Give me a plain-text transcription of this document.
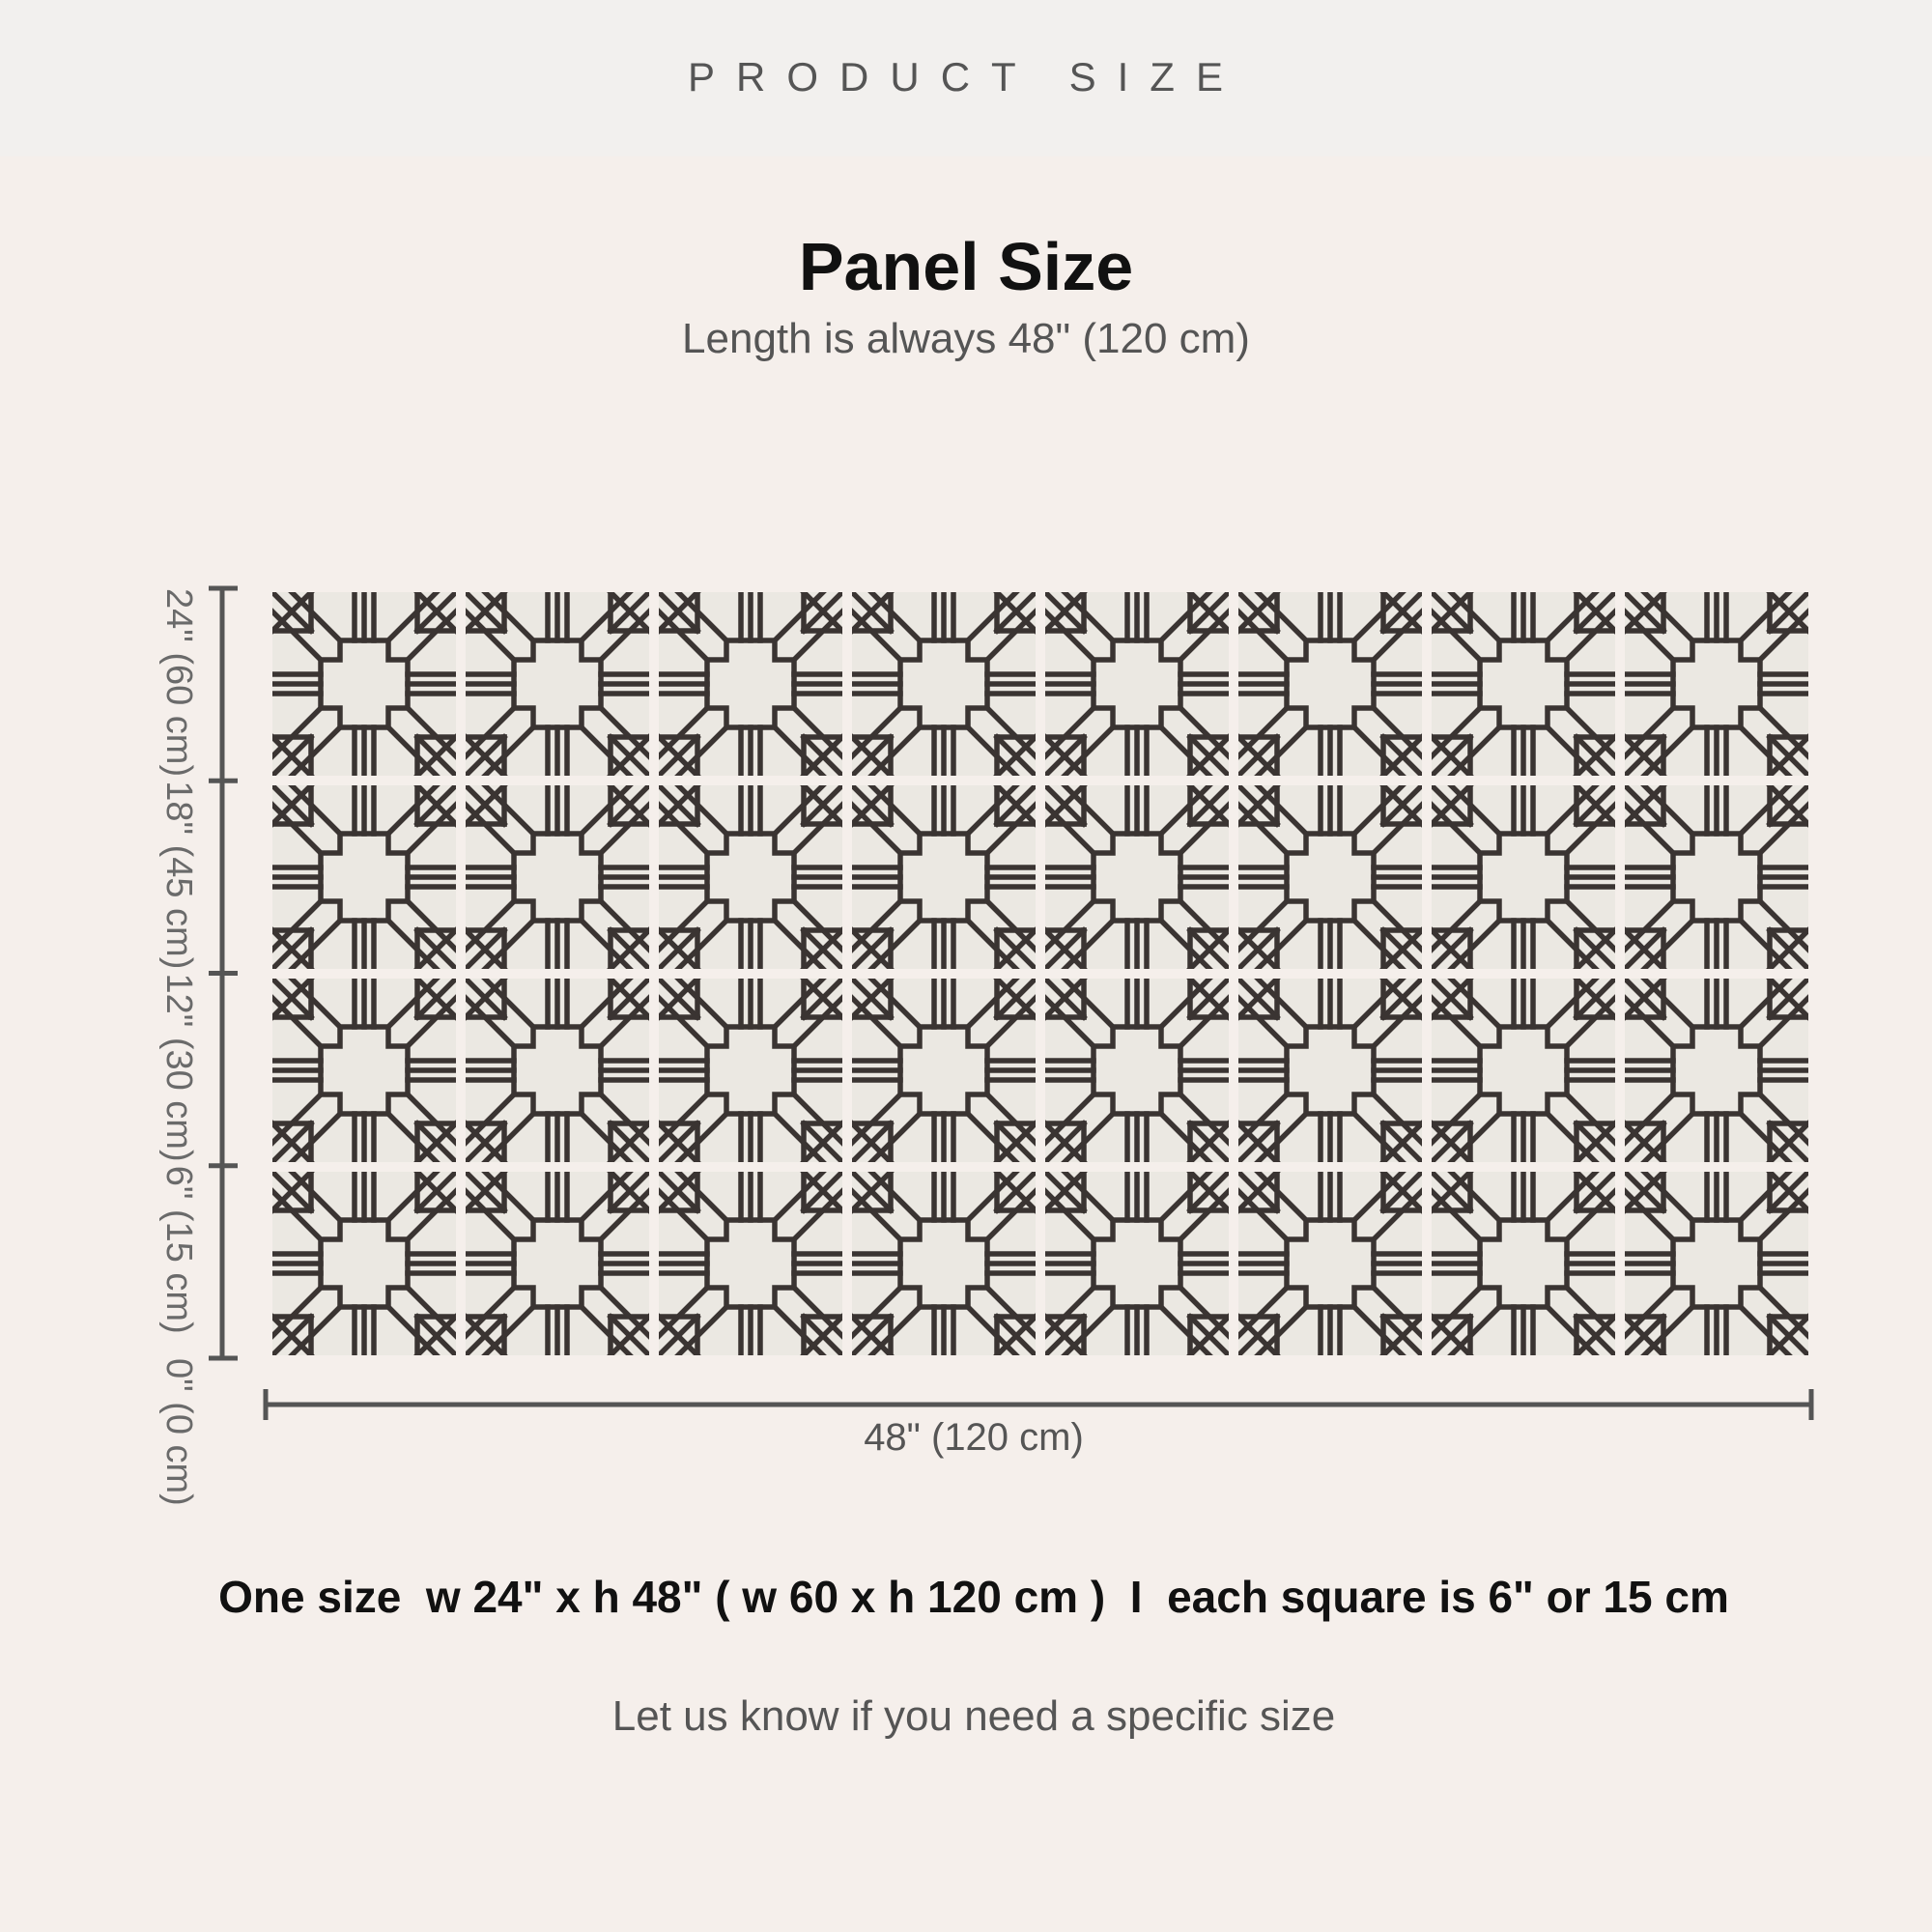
PRODUCT SIZE
Panel Size
Length is always 48" (120 cm)
0" (0 cm)
6" (15 cm)
12" (30 cm)
18" (45 cm)
24" (60 cm)
48" (120 cm)
One size  w 24" x h 48" ( w 60 x h 120 cm )  I  each square is 6" or 15 cm
Let us know if you need a specific size
